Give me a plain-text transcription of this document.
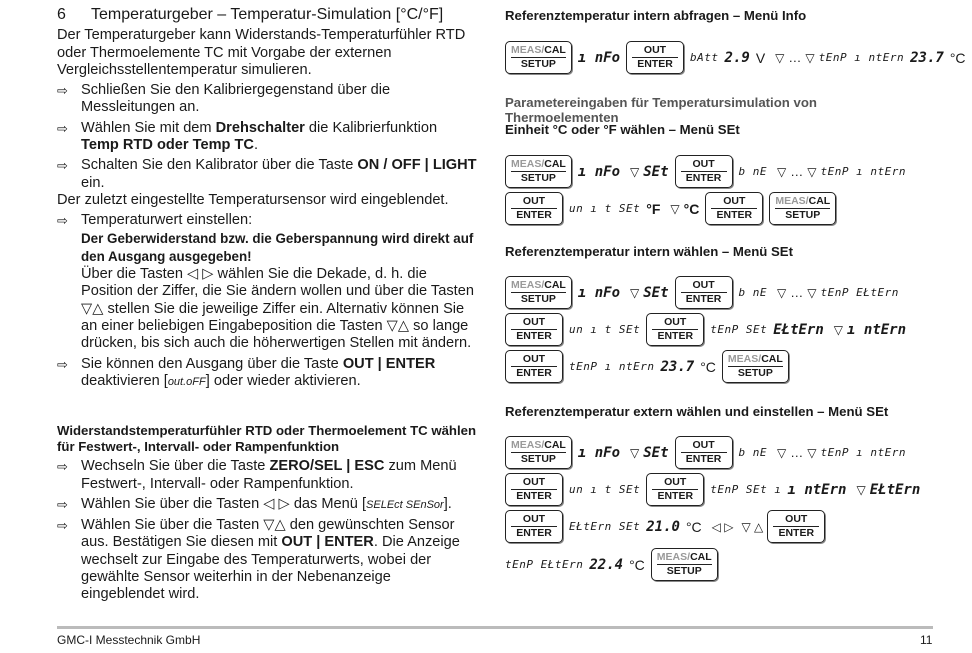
6	Temperaturgeber – Temperatur-Simulation [°C/°F]

Der Temperaturgeber kann Widerstands-Temperaturfühler RTD oder Thermoelemente TC mit Vorgabe der externen Vergleichsstellentemperatur simulieren.

⇨ Schließen Sie den Kalibriergegenstand über die Messleitungen an.
⇨ Wählen Sie mit dem Drehschalter die Kalibrierfunktion Temp RTD oder Temp TC.
⇨ Schalten Sie den Kalibrator über die Taste ON / OFF | LIGHT ein.

Der zuletzt eingestellte Temperatursensor wird eingeblendet.

⇨ Temperaturwert einstellen:
Der Geberwiderstand bzw. die Geberspannung wird direkt auf den Ausgang ausgegeben!
Über die Tasten ◁ ▷ wählen Sie die Dekade, d. h. die Position der Ziffer, die Sie ändern wollen und über die Tasten ▽△ stellen Sie die jeweilige Ziffer ein. Alternativ können Sie an einer beliebigen Eingabeposition die Tasten ▽△ so lange drücken, bis sich auch die höherwertigen Stellen mit ändern.
⇨ Sie können den Ausgang über die Taste OUT | ENTER deaktivieren [out.oFF] oder wieder aktivieren.

Widerstandstemperaturfühler RTD oder Thermoelement TC wählen für Festwert-, Intervall- oder Rampenfunktion

⇨ Wechseln Sie über die Taste ZERO/SEL | ESC zum Menü Festwert-, Intervall- oder Rampenfunktion.
⇨ Wählen Sie über die Tasten ◁ ▷ das Menü [SELEct SEnSor].
⇨ Wählen Sie über die Tasten ▽△ den gewünschten Sensor aus. Bestätigen Sie diesen mit OUT | ENTER. Die Anzeige wechselt zur Eingabe des Temperaturwerts, wobei der gewählte Sensor weiterhin in der Nebenanzeige eingeblendet wird.

Referenztemperatur intern abfragen – Menü Info

MEAS/CAL
SETUP	ı nFo	OUT
ENTER	bAtt 2.9 V ▽ … ▽ tEnP ı ntErn 23.7 °C

Parametereingaben für Temperatursimulation von Thermoelementen

Einheit °C oder °F wählen – Menü SEt

MEAS/CAL
SETUP	ı nFo ▽ SEt	OUT
ENTER	b nE ▽ … ▽ tEnP ı ntErn
OUT
ENTER	un ı t SEt °F ▽ °C	OUT
ENTER
MEAS/CAL
SETUP

Referenztemperatur intern wählen – Menü SEt

MEAS/CAL
SETUP	ı nFo ▽ SEt	OUT
ENTER	b nE ▽ … ▽ tEnP EŁtErn
OUT
ENTER	un ı t SEt
OUT
ENTER	tEnP SEt EŁtErn ▽ ı ntErn
OUT
ENTER	tEnP ı ntErn 23.7 °C MEAS/CAL
SETUP

Referenztemperatur extern wählen und einstellen – Menü SEt

MEAS/CAL
SETUP	ı nFo ▽ SEt	OUT
ENTER	b nE ▽ … ▽ tEnP ı ntErn
OUT
ENTER	un ı t SEt
OUT
ENTER	tEnP SEt ı ı ntErn ▽ EŁtErn
OUT
ENTER	EŁtErn SEt 21.0 °C ◁ ▷ ▽ △
OUT
ENTER
tEnP EŁtErn 22.4 °C MEAS/CAL
SETUP
GMC-I Messtechnik GmbH	11
